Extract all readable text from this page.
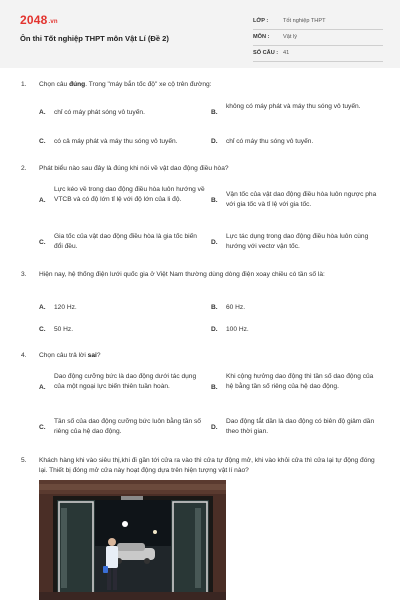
2048.vn
Ôn thi Tốt nghiệp THPT môn Vật Lí (Đề 2)
LỚP :	Tốt nghiệp THPT
MÔN : Vật lý
SỐ CÂU : 41
1. Chọn câu đúng. Trong "máy bắn tốc độ" xe cộ trên đường:
A. chỉ có máy phát sóng vô tuyến.	B.
không có máy phát và máy thu sóng vô tuyến.
C. có cả máy phát và máy thu sóng vô tuyến.	D. chỉ có máy thu sóng vô tuyến.
2. Phát biểu nào sau đây là đúng khi nói về vật dao động điều hòa?
A.
Lực kéo về trong dao động điều hòa luôn hướng về VTCB và có độ lớn tỉ lệ với độ lớn của li độ.	B.
Vận tốc của vật dao động điều hòa luôn ngược pha với gia tốc và tỉ lệ với gia tốc.
C.
Gia tốc của vật dao động điều hòa là gia tốc biến đổi đều.
D.
Lực tác dụng trong dao động điều hòa luôn cùng hướng với vectơ vận tốc.
3. Hiện nay, hệ thống điện lưới quốc gia ở Việt Nam thường dùng dòng điện xoay chiều có tần số là:
A. 120 Hz.	B. 60 Hz.
C. 50 Hz.	D. 100 Hz.
4. Chọn câu trả lời sai?
A.
Dao động cưỡng bức là dao động dưới tác dụng của một ngoại lực biến thiên tuần hoàn.	B.
Khi cộng hưởng dao động thì tần số dao động của hệ bằng tần số riêng của hệ dao động.
C.
Tần số của dao động cưỡng bức luôn bằng tần số riêng của hệ dao động.
D.
Dao động tắt dần là dao động có biên độ giảm dần theo thời gian.
5. Khách hàng khi vào siêu thị,khi đi gần tới cửa ra vào thì cửa tự động mở, khi vào khỏi cửa thì cửa lại tự động đóng lại. Thiết bị đóng mở cửa này hoạt động dựa trên hiện tượng vật lí nào?
